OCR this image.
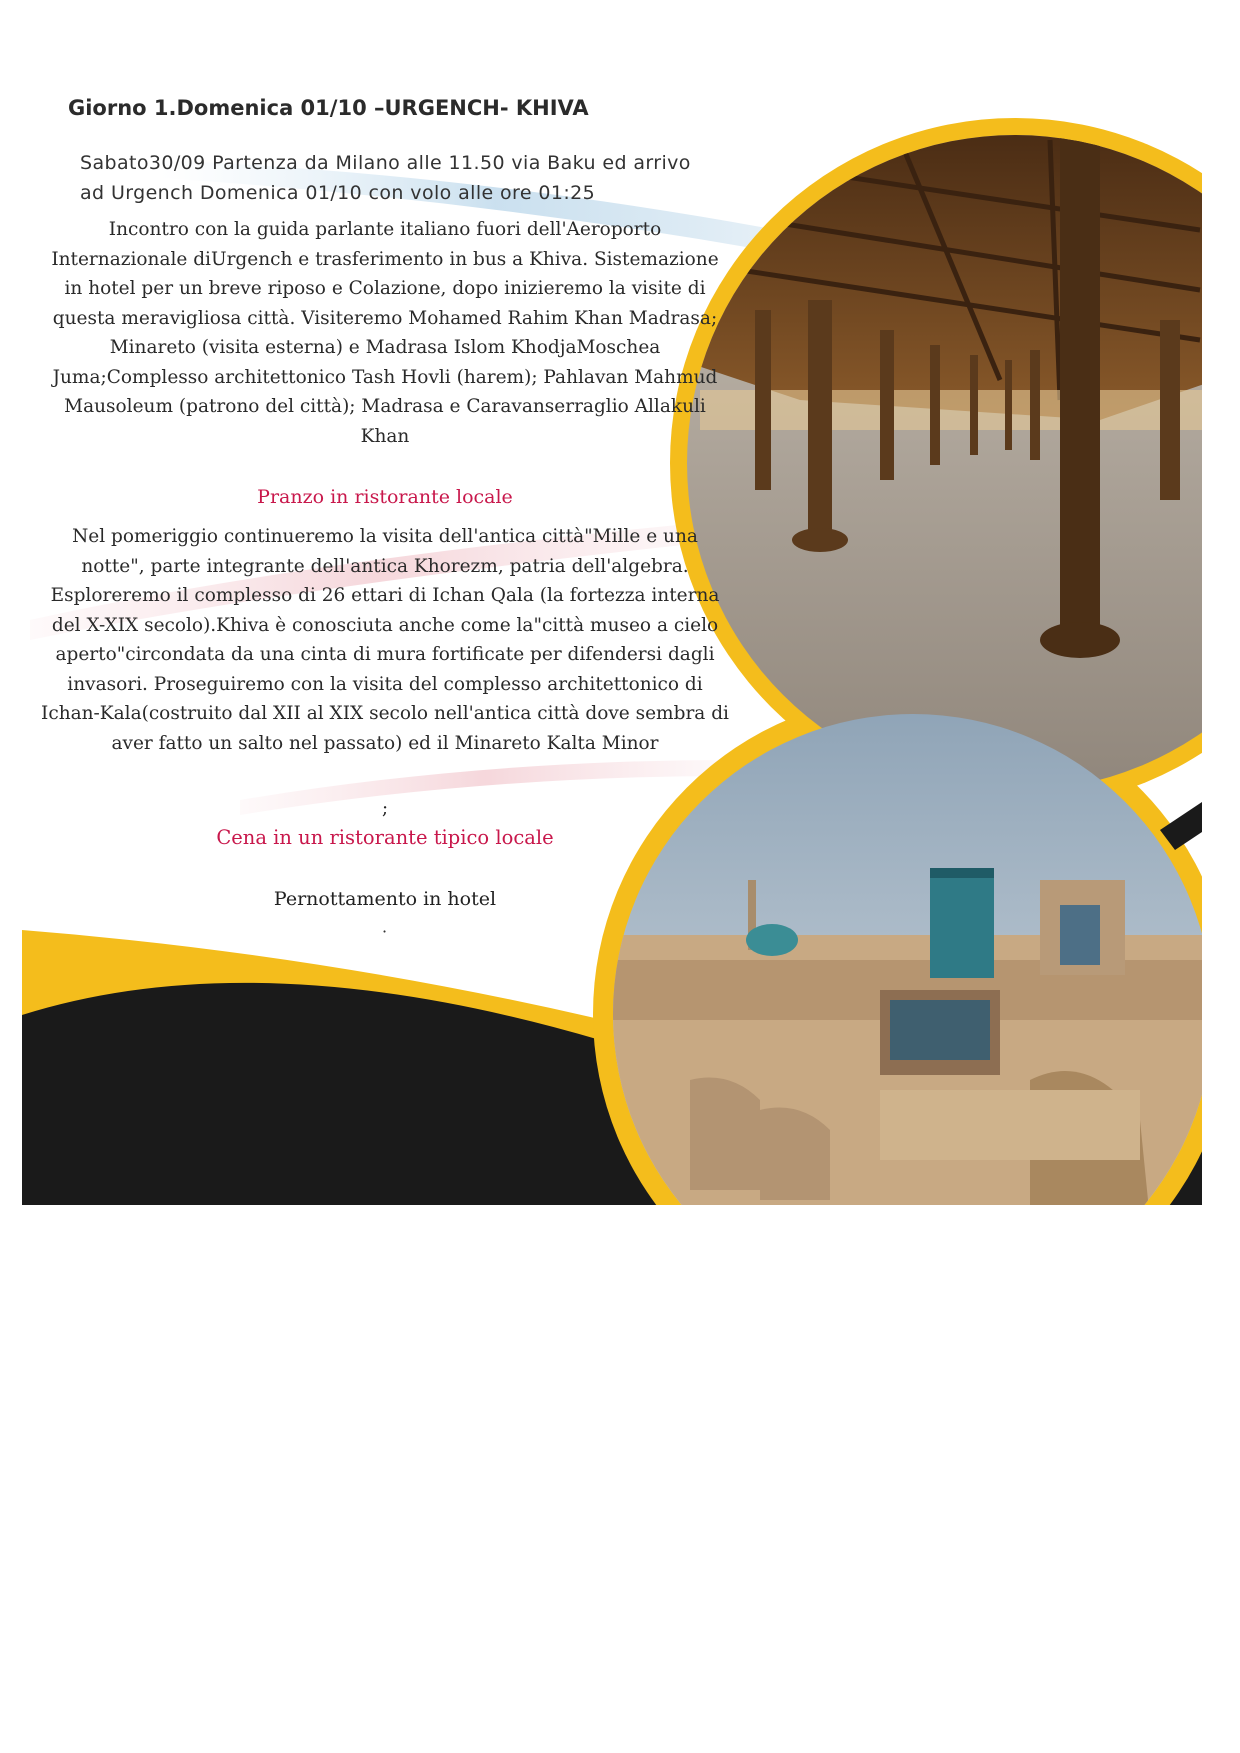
Giorno 1.Domenica 01/10 –URGENCH- KHIVA
Sabato30/09 Partenza da Milano alle 11.50 via Baku ed arrivo ad Urgench Domenica 01/10 con volo alle ore 01:25
Incontro con la guida parlante italiano fuori dell'Aeroporto Internazionale diUrgench e trasferimento in bus a Khiva. Sistemazione in hotel per un breve riposo e Colazione, dopo inizieremo la visite di questa meravigliosa città. Visiteremo Mohamed Rahim Khan Madrasa; Minareto (visita esterna) e Madrasa Islom KhodjaMoschea Juma;Complesso architettonico Tash Hovli (harem); Pahlavan Mahmud Mausoleum (patrono del città); Madrasa e Caravanserraglio Allakuli Khan
Pranzo in ristorante locale
Nel pomeriggio continueremo la visita dell'antica città"Mille e una notte", parte integrante dell'antica Khorezm, patria dell'algebra. Esploreremo il complesso di 26 ettari di Ichan Qala (la fortezza interna del X-XIX secolo).Khiva è conosciuta anche come la"città museo a cielo aperto"circondata da una cinta di mura fortificate per difendersi dagli invasori. Proseguiremo con la visita del complesso architettonico di Ichan-Kala(costruito dal XII al XIX secolo nell'antica città dove sembra di aver fatto un salto nel passato) ed il Minareto Kalta Minor
;
Cena in un ristorante tipico locale
Pernottamento in hotel
·
